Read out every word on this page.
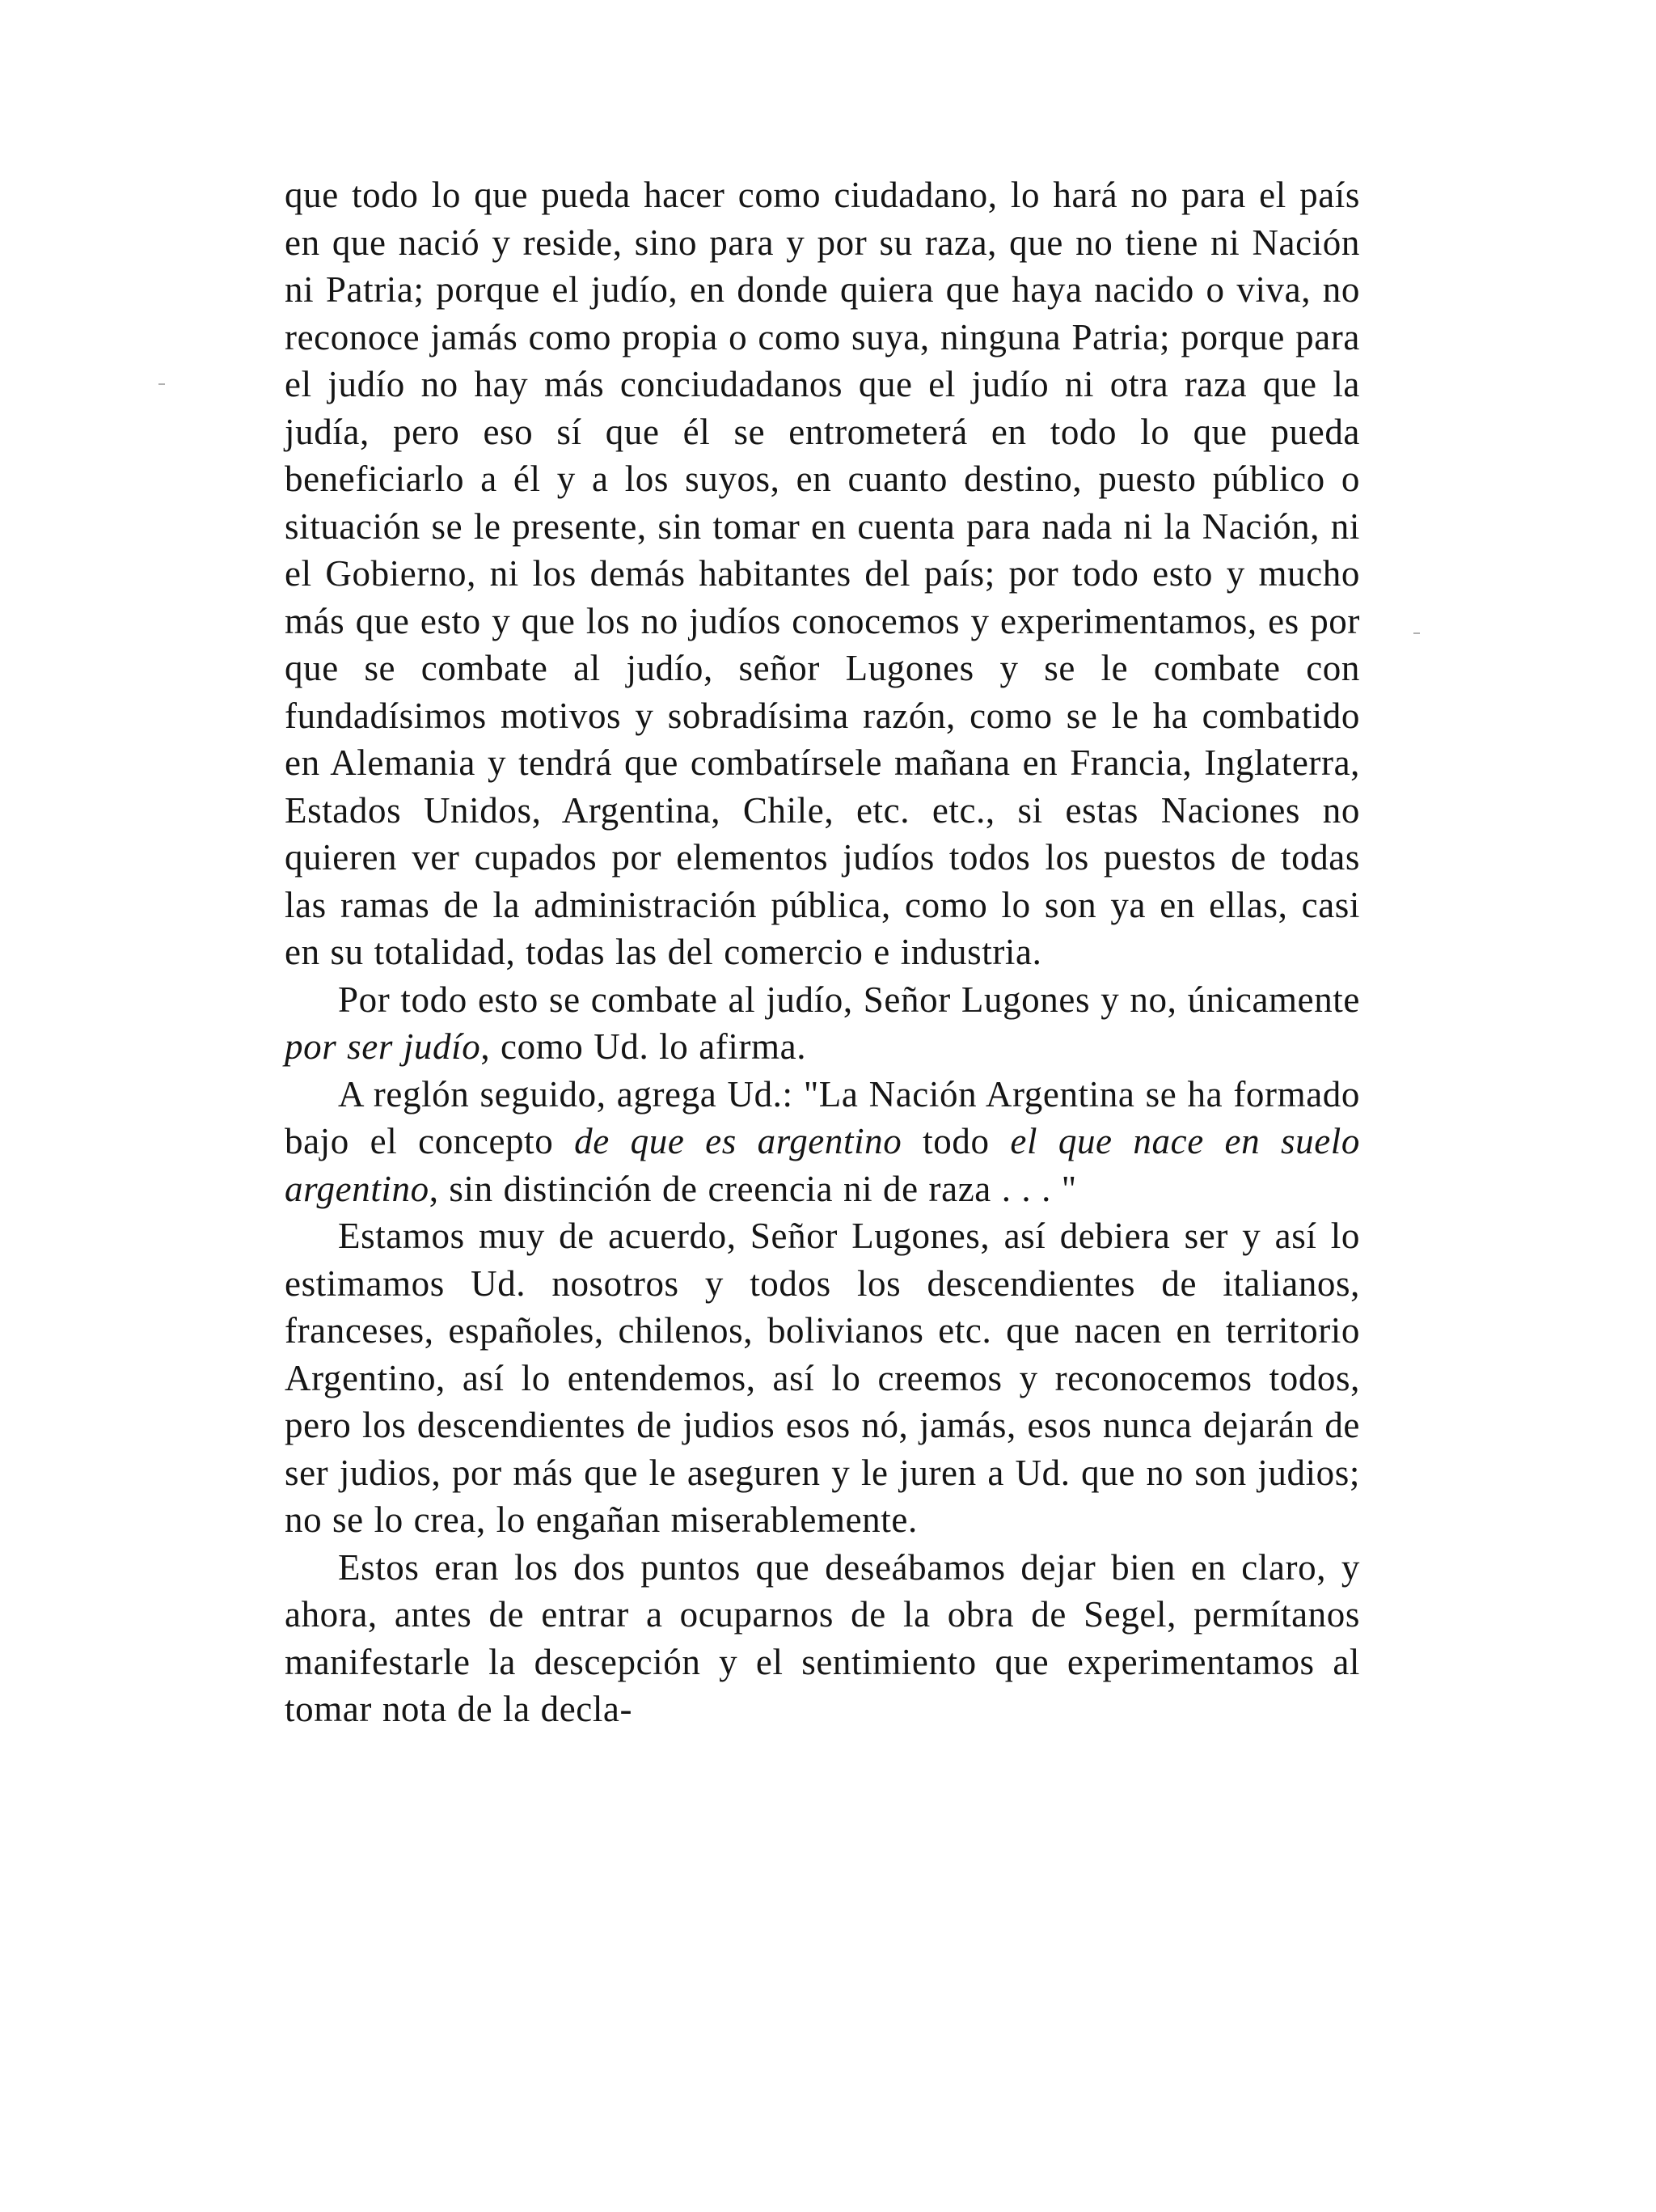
que todo lo que pueda hacer como ciudadano, lo hará no para el país en que nació y reside, sino para y por su raza, que no tiene ni Nación ni Patria; porque el judío, en donde quiera que haya nacido o viva, no reconoce jamás como propia o como suya, ninguna Patria; porque para el judío no hay más conciudadanos que el judío ni otra raza que la judía, pero eso sí que él se entrometerá en todo lo que pueda beneficiarlo a él y a los suyos, en cuanto destino, puesto público o situación se le presente, sin tomar en cuenta para nada ni la Nación, ni el Gobierno, ni los demás habitantes del país; por todo esto y mucho más que esto y que los no judíos conocemos y experimentamos, es por que se combate al judío, señor Lugones y se le combate con fundadísimos motivos y sobradísima razón, como se le ha combatido en Alemania y tendrá que combatírsele mañana en Francia, Inglaterra, Estados Unidos, Argentina, Chile, etc. etc., si estas Naciones no quieren ver cupados por elementos judíos todos los puestos de todas las ramas de la administración pública, como lo son ya en ellas, casi en su totalidad, todas las del comercio e industria.

Por todo esto se combate al judío, Señor Lugones y no, únicamente por ser judío, como Ud. lo afirma.

A reglón seguido, agrega Ud.: "La Nación Argentina se ha formado bajo el concepto de que es argentino todo el que nace en suelo argentino, sin distinción de creencia ni de raza . . . "

Estamos muy de acuerdo, Señor Lugones, así debiera ser y así lo estimamos Ud. nosotros y todos los descendientes de italianos, franceses, españoles, chilenos, bolivianos etc. que nacen en territorio Argentino, así lo entendemos, así lo creemos y reconocemos todos, pero los descendientes de judios esos nó, jamás, esos nunca dejarán de ser judios, por más que le aseguren y le juren a Ud. que no son judios; no se lo crea, lo engañan miserablemente.

Estos eran los dos puntos que deseábamos dejar bien en claro, y ahora, antes de entrar a ocuparnos de la obra de Segel, permítanos manifestarle la descepción y el sentimiento que experimentamos al tomar nota de la decla-
